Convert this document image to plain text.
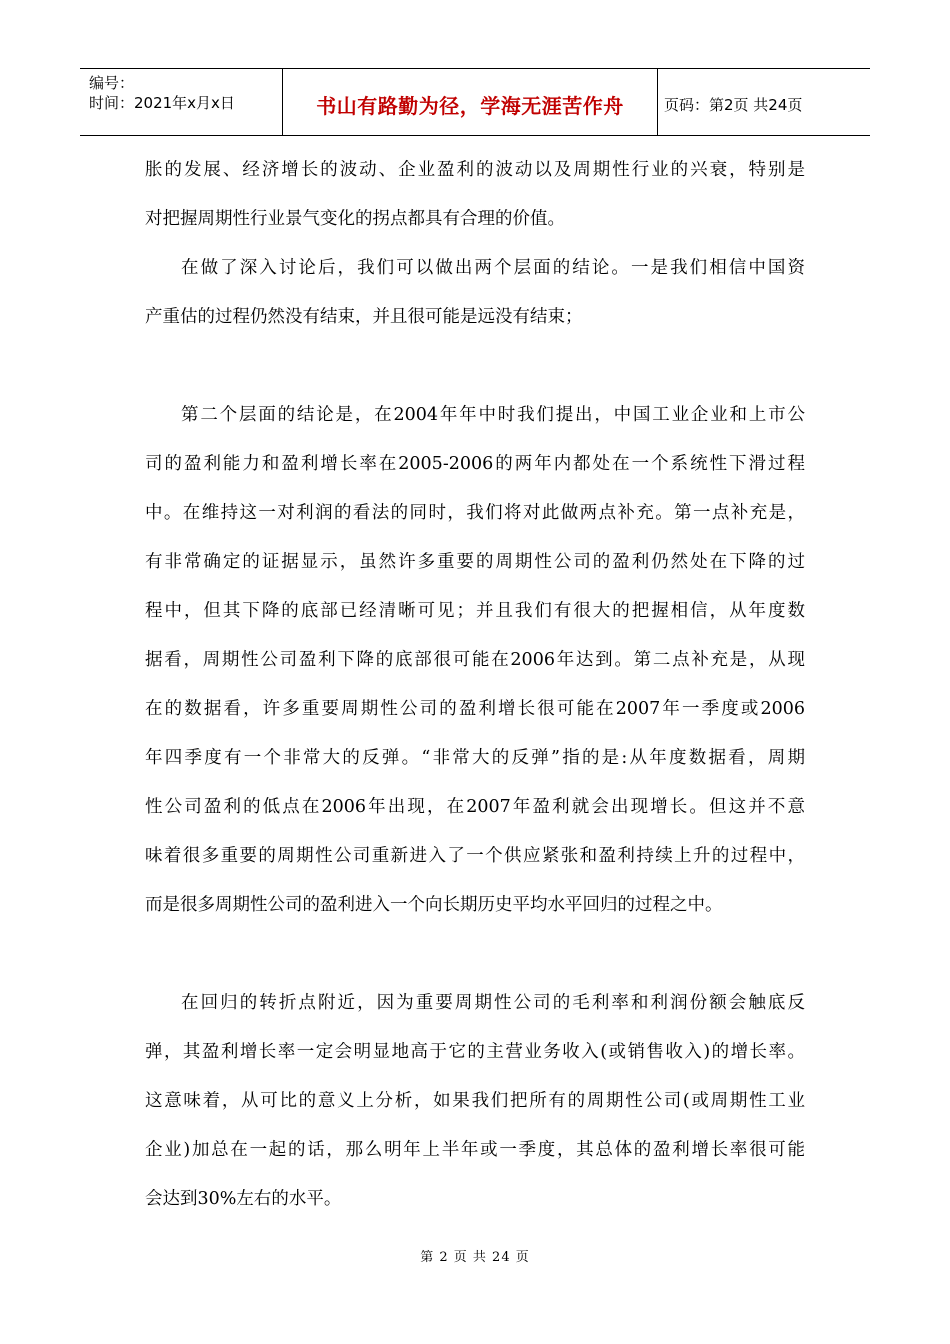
编号：
时间：2021年x月x日	书山有路勤为径，学海无涯苦作舟	页码：第2页 共24页

胀的发展、经济增长的波动、企业盈利的波动以及周期性行业的兴衰，特别是
对把握周期性行业景气变化的拐点都具有合理的价值。

在做了深入讨论后，我们可以做出两个层面的结论。一是我们相信中国资
产重估的过程仍然没有结束，并且很可能是远没有结束；

第二个层面的结论是，在2004年年中时我们提出，中国工业企业和上市公
司的盈利能力和盈利增长率在2005-2006的两年内都处在一个系统性下滑过程
中。在维持这一对利润的看法的同时，我们将对此做两点补充。第一点补充是，
有非常确定的证据显示，虽然许多重要的周期性公司的盈利仍然处在下降的过
程中，但其下降的底部已经清晰可见；并且我们有很大的把握相信，从年度数
据看，周期性公司盈利下降的底部很可能在2006年达到。第二点补充是，从现
在的数据看，许多重要周期性公司的盈利增长很可能在2007年一季度或2006
年四季度有一个非常大的反弹。“非常大的反弹”指的是:从年度数据看，周期
性公司盈利的低点在2006年出现，在2007年盈利就会出现增长。但这并不意
味着很多重要的周期性公司重新进入了一个供应紧张和盈利持续上升的过程中，
而是很多周期性公司的盈利进入一个向长期历史平均水平回归的过程之中。

在回归的转折点附近，因为重要周期性公司的毛利率和利润份额会触底反
弹，其盈利增长率一定会明显地高于它的主营业务收入(或销售收入)的增长率。
这意味着，从可比的意义上分析，如果我们把所有的周期性公司(或周期性工业
企业)加总在一起的话，那么明年上半年或一季度，其总体的盈利增长率很可能
会达到30%左右的水平。

第 2 页 共 24 页
